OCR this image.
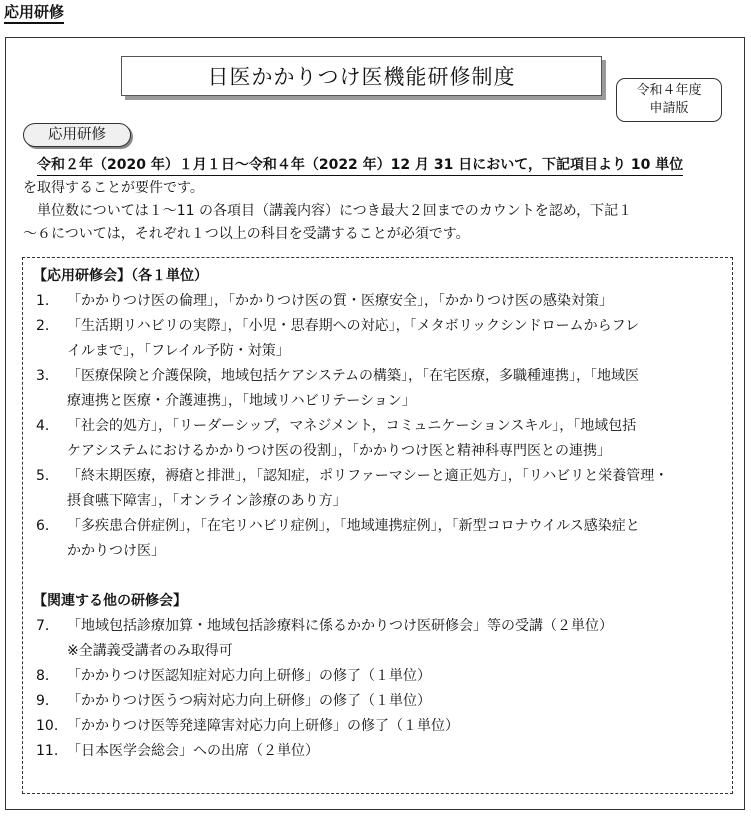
応用研修
日医かかりつけ医機能研修制度
令和４年度
申請版
応用研修
令和２年（2020 年）１月１日～令和４年（2022 年）12 月 31 日において，下記項目より 10 単位
を取得することが要件です。
単位数については１～11 の各項目（講義内容）につき最大２回までのカウントを認め，下記１
～６については，それぞれ１つ以上の科目を受講することが必須です。
【応用研修会】（各１単位）
1． 「かかりつけ医の倫理」，「かかりつけ医の質・医療安全」，「かかりつけ医の感染対策」
2． 「生活期リハビリの実際」，「小児・思春期への対応」，「メタボリックシンドロームからフレ
イルまで」，「フレイル予防・対策」
3． 「医療保険と介護保険，地域包括ケアシステムの構築」，「在宅医療，多職種連携」，「地域医
療連携と医療・介護連携」，「地域リハビリテーション」
4． 「社会的処方」，「リーダーシップ，マネジメント，コミュニケーションスキル」，「地域包括
ケアシステムにおけるかかりつけ医の役割」，「かかりつけ医と精神科専門医との連携」
5． 「終末期医療，褥瘡と排泄」，「認知症，ポリファーマシーと適正処方」，「リハビリと栄養管理・
摂食嚥下障害」，「オンライン診療のあり方」
6． 「多疾患合併症例」，「在宅リハビリ症例」，「地域連携症例」，「新型コロナウイルス感染症と
かかりつけ医」
【関連する他の研修会】
7． 「地域包括診療加算・地域包括診療料に係るかかりつけ医研修会」等の受講（２単位）
※全講義受講者のみ取得可
8． 「かかりつけ医認知症対応力向上研修」の修了（１単位）
9． 「かかりつけ医うつ病対応力向上研修」の修了（１単位）
10. 「かかりつけ医等発達障害対応力向上研修」の修了（１単位）
11. 「日本医学会総会」への出席（２単位）
